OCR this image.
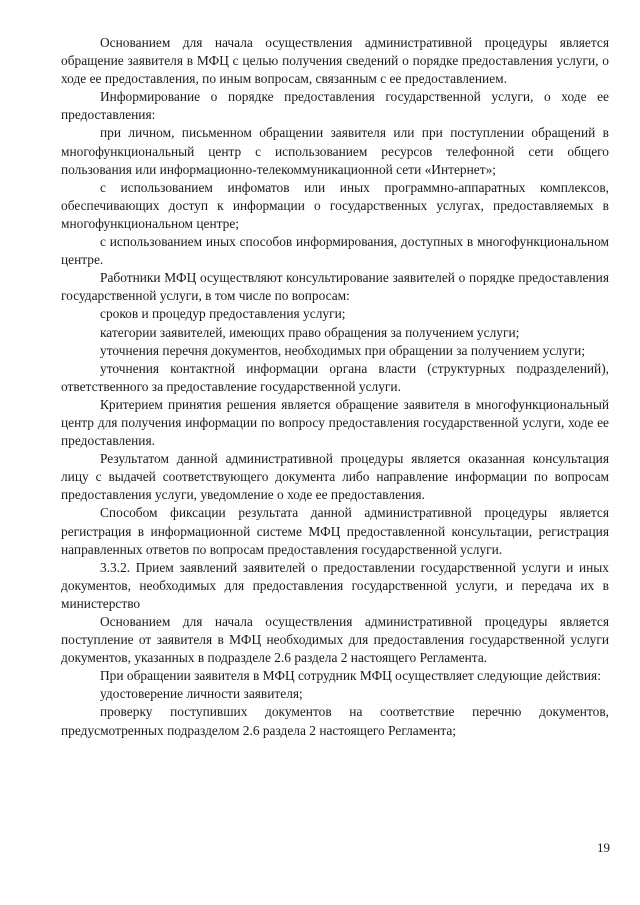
Основанием для начала осуществления административной процедуры является обращение заявителя в МФЦ с целью получения сведений о порядке предоставления услуги, о ходе ее предоставления, по иным вопросам, связанным с ее предоставлением.

Информирование о порядке предоставления государственной услуги, о ходе ее предоставления:

при личном, письменном обращении заявителя или при поступлении обращений в многофункциональный центр с использованием ресурсов телефонной сети общего пользования или информационно-телекоммуникационной сети «Интернет»;

с использованием инфоматов или иных программно-аппаратных комплексов, обеспечивающих доступ к информации о государственных услугах, предоставляемых в многофункциональном центре;

с использованием иных способов информирования, доступных в многофункциональном центре.

Работники МФЦ осуществляют консультирование заявителей о порядке предоставления государственной услуги, в том числе по вопросам:

сроков и процедур предоставления услуги;

категории заявителей, имеющих право обращения за получением услуги;

уточнения перечня документов, необходимых при обращении за получением услуги;

уточнения контактной информации органа власти (структурных подразделений), ответственного за предоставление государственной услуги.

Критерием принятия решения является обращение заявителя в многофункциональный центр для получения информации по вопросу предоставления государственной услуги, ходе ее предоставления.

Результатом данной административной процедуры является оказанная консультация лицу с выдачей соответствующего документа либо направление информации по вопросам предоставления услуги, уведомление о ходе ее предоставления.

Способом фиксации результата данной административной процедуры является регистрация в информационной системе МФЦ предоставленной консультации, регистрация направленных ответов по вопросам предоставления государственной услуги.

3.3.2. Прием заявлений заявителей о предоставлении государственной услуги и иных документов, необходимых для предоставления государственной услуги, и передача их в министерство

Основанием для начала осуществления административной процедуры является поступление от заявителя в МФЦ необходимых для предоставления государственной услуги документов, указанных в подразделе 2.6 раздела 2 настоящего Регламента.

При обращении заявителя в МФЦ сотрудник МФЦ осуществляет следующие действия:

удостоверение личности заявителя;

проверку поступивших документов на соответствие перечню документов, предусмотренных подразделом 2.6 раздела 2 настоящего Регламента;

19
